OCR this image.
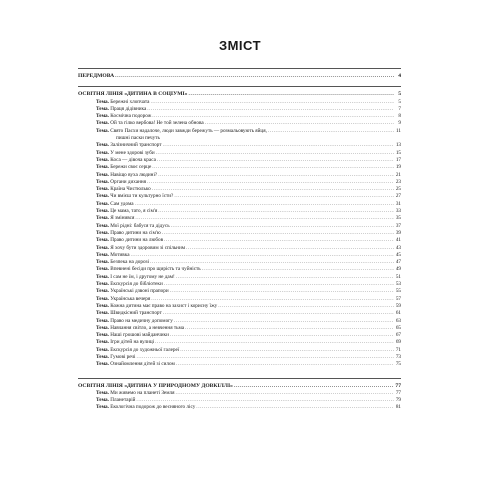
ЗМІСТ
ПЕРЕДМОВА .....	4
ОСВІТНЯ ЛІНІЯ «ДИТИНА В СОЦІУМІ» .....	5
Тема. Бережні хлопчата .....	5
Тема. Праця дідівника .....	7
Тема. Космічна подорож .....	8
Тема. Ой та гілко вербова! Не той зелена обнова .....	9
Тема. Свято Пасхи надалоче, люди завжди бережуть — розмальовують яйця, .....	11
пишні паски печуть
Тема. Залізничний транспорт .....	13
Тема. У мене здорові зуби .....	15
Тема. Коса — дівоча краса .....	17
Тема. Бережи своє серце .....	19
Тема. Навіщо вуха людині? .....	21
Тема. Органи дихання .....	23
Тема. Країна Чистюлько .....	25
Тема. Чи вмієш ти культурно їсти? .....	27
Тема. Сам удома .....	31
Тема. Це мама, тато, я сім'я .....	33
Тема. Я змінився .....	35
Тема. Мої рідні: бабуся та дідусь .....	37
Тема. Право дитини на сім'ю .....	39
Тема. Право дитини на любов .....	41
Тема. Я хочу бути здоровим зі спільним .....	43
Тема. Мотивка .....	45
Тема. Безпека на дорозі .....	47
Тема. Впевнені бесіди про щирість та чуйність .....	49
Тема. І сам не їм, і другому не дам! .....	51
Тема. Екскурсія до бібліотеки .....	53
Тема. Українські дзвоні прапори .....	55
Тема. Українська вечеря .....	57
Тема. Кожна дитина має право на захист і корисну їжу .....	59
Тема. Швидкісний транспорт .....	61
Тема. Право на медичну допомогу .....	63
Тема. Навчання світло, а невчення тьма .....	65
Тема. Наші грошові майданчики .....	67
Тема. Ігри дітей на вулиці .....	69
Тема. Екскурсія до художньої галереї .....	71
Тема. Гумові речі .....	73
Тема. Ознайомлення дітей зі силом .....	75
ОСВІТНЯ ЛІНІЯ «ДИТИНА У ПРИРОДНОМУ ДОВКІЛЛІ» .....	77
Тема. Ми живемо на планеті Земля .....	77
Тема. Планетарій .....	79
Тема. Екологічна подорож до весняного лісу .....	81
